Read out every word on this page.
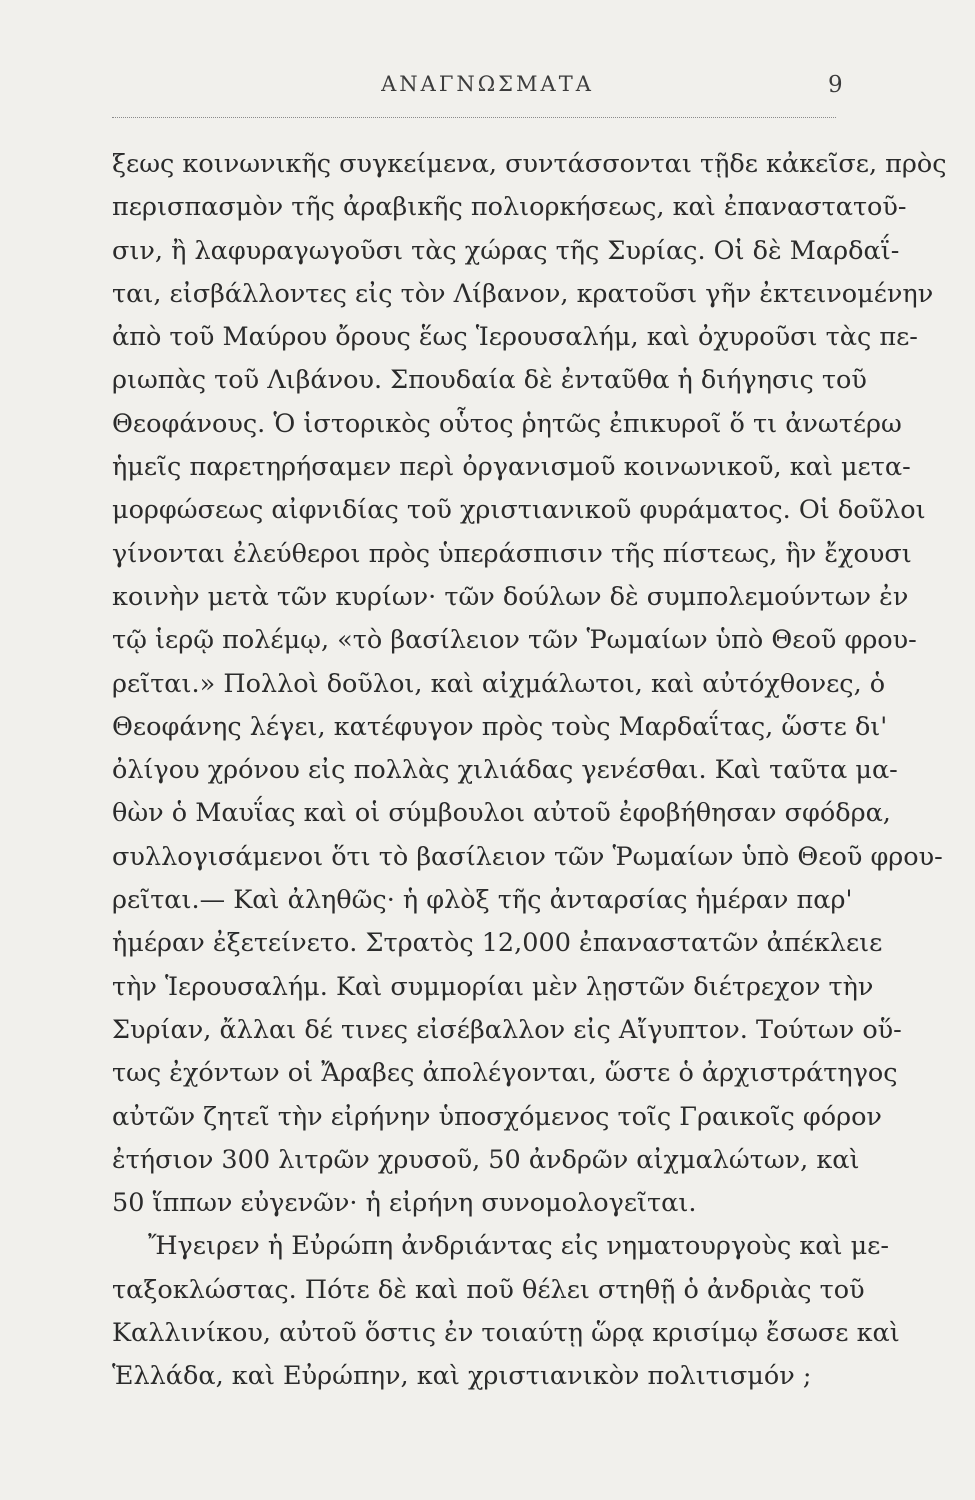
ΑΝΑΓΝΩΣΜΑΤΑ	9
ξεως κοινωνικῆς συγκείμενα, συντάσσονται τῇδε κἀκεῖσε, πρὸς
περισπασμὸν τῆς ἀραβικῆς πολιορκήσεως, καὶ ἐπαναστατοῦ-
σιν, ἢ λαφυραγωγοῦσι τὰς χώρας τῆς Συρίας. Οἱ δὲ Μαρδαΐ-
ται, εἰσβάλλοντες εἰς τὸν Λίβανον, κρατοῦσι γῆν ἐκτεινομένην
ἀπὸ τοῦ Μαύρου ὄρους ἕως Ἱερουσαλήμ, καὶ ὀχυροῦσι τὰς πε-
ριωπὰς τοῦ Λιβάνου. Σπουδαία δὲ ἐνταῦθα ἡ διήγησις τοῦ
Θεοφάνους. Ὁ ἱστορικὸς οὗτος ῥητῶς ἐπικυροῖ ὅ τι ἀνωτέρω
ἡμεῖς παρετηρήσαμεν περὶ ὀργανισμοῦ κοινωνικοῦ, καὶ μετα-
μορφώσεως αἰφνιδίας τοῦ χριστιανικοῦ φυράματος. Οἱ δοῦλοι
γίνονται ἐλεύθεροι πρὸς ὑπεράσπισιν τῆς πίστεως, ἣν ἔχουσι
κοινὴν μετὰ τῶν κυρίων· τῶν δούλων δὲ συμπολεμούντων ἐν
τῷ ἱερῷ πολέμῳ, «τὸ βασίλειον τῶν Ῥωμαίων ὑπὸ Θεοῦ φρου-
ρεῖται.» Πολλοὶ δοῦλοι, καὶ αἰχμάλωτοι, καὶ αὐτόχθονες, ὁ
Θεοφάνης λέγει, κατέφυγον πρὸς τοὺς Μαρδαΐτας, ὥστε δι'
ὀλίγου χρόνου εἰς πολλὰς χιλιάδας γενέσθαι. Καὶ ταῦτα μα-
θὼν ὁ Μαυΐας καὶ οἱ σύμβουλοι αὐτοῦ ἐφοβήθησαν σφόδρα,
συλλογισάμενοι ὅτι τὸ βασίλειον τῶν Ῥωμαίων ὑπὸ Θεοῦ φρου-
ρεῖται.— Καὶ ἀληθῶς· ἡ φλὸξ τῆς ἀνταρσίας ἡμέραν παρ'
ἡμέραν ἐξετείνετο. Στρατὸς 12,000 ἐπαναστατῶν ἀπέκλειε
τὴν Ἱερουσαλήμ. Καὶ συμμορίαι μὲν λῃστῶν διέτρεχον τὴν
Συρίαν, ἄλλαι δέ τινες εἰσέβαλλον εἰς Αἴγυπτον. Τούτων οὕ-
τως ἐχόντων οἱ Ἄραβες ἀπολέγονται, ὥστε ὁ ἀρχιστράτηγος
αὐτῶν ζητεῖ τὴν εἰρήνην ὑποσχόμενος τοῖς Γραικοῖς φόρον
ἐτήσιον 300 λιτρῶν χρυσοῦ, 50 ἀνδρῶν αἰχμαλώτων, καὶ
50 ἵππων εὐγενῶν· ἡ εἰρήνη συνομολογεῖται.
Ἤγειρεν ἡ Εὐρώπη ἀνδριάντας εἰς νηματουργοὺς καὶ με-
ταξοκλώστας. Πότε δὲ καὶ ποῦ θέλει στηθῇ ὁ ἀνδριὰς τοῦ
Καλλινίκου, αὐτοῦ ὅστις ἐν τοιαύτῃ ὥρᾳ κρισίμῳ ἔσωσε καὶ
Ἑλλάδα, καὶ Εὐρώπην, καὶ χριστιανικὸν πολιτισμόν ;
